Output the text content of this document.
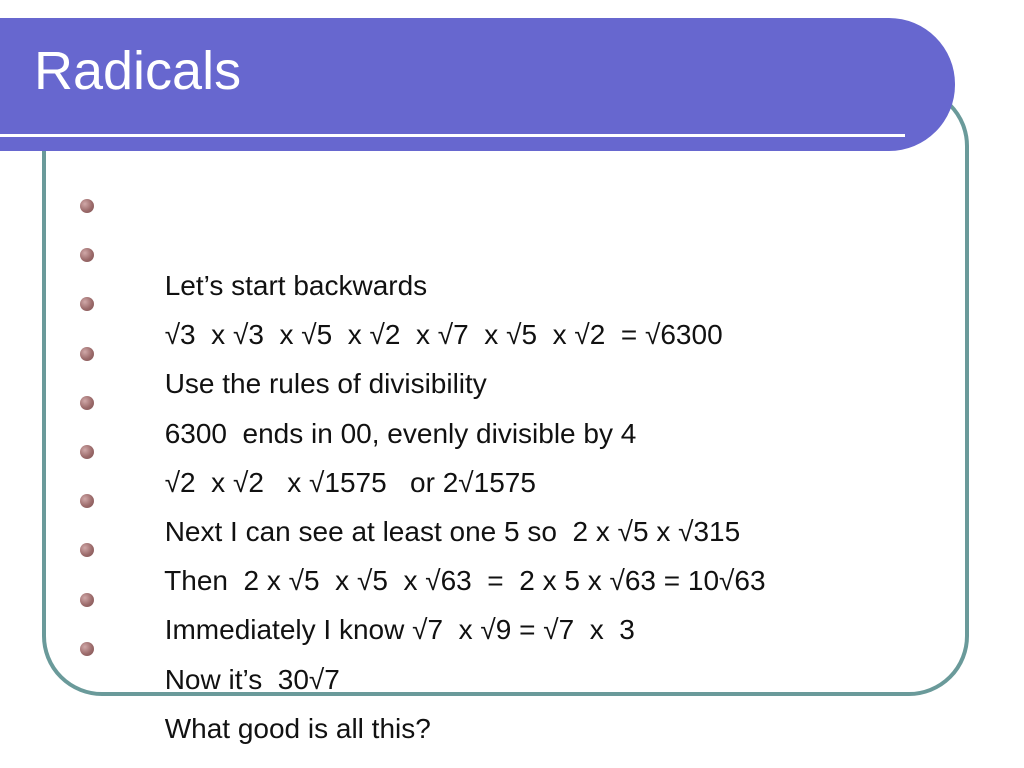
Radicals

Let’s start backwards

√3  x √3  x √5  x √2  x √7  x √5  x √2  = √6300

Use the rules of divisibility

6300  ends in 00, evenly divisible by 4

√2  x √2   x √1575   or 2√1575

Next I can see at least one 5 so  2 x √5 x √315

Then  2 x √5  x √5  x √63  =  2 x 5 x √63 = 10√63

Immediately I know √7  x √9 = √7  x  3

Now it’s  30√7

What good is all this?
